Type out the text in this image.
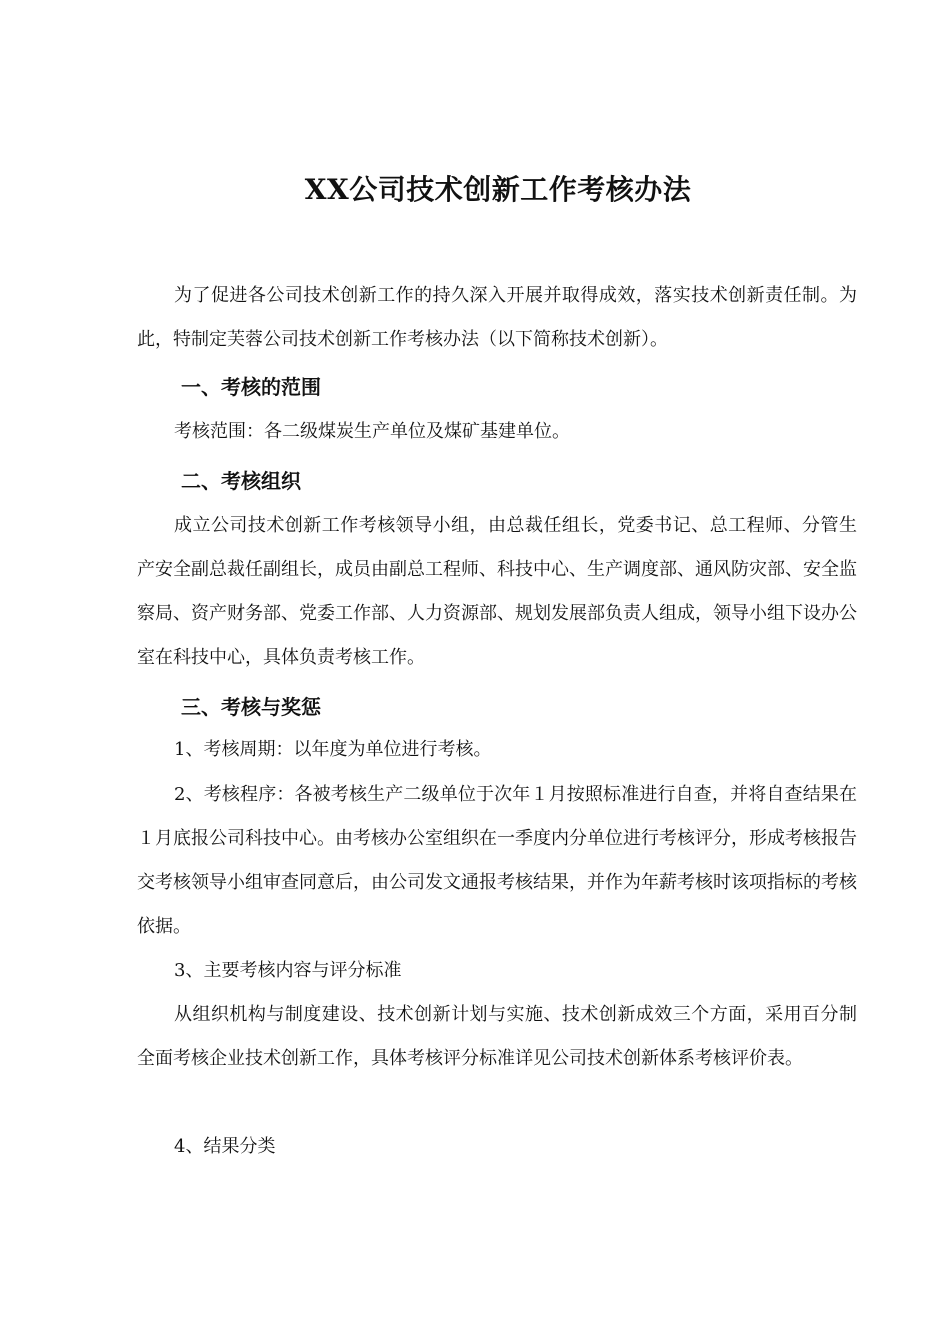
XX公司技术创新工作考核办法
为了促进各公司技术创新工作的持久深入开展并取得成效，落实技术创新责任制。为此，特制定芙蓉公司技术创新工作考核办法（以下简称技术创新）。
一、考核的范围
考核范围：各二级煤炭生产单位及煤矿基建单位。
二、考核组织
成立公司技术创新工作考核领导小组，由总裁任组长，党委书记、总工程师、分管生产安全副总裁任副组长，成员由副总工程师、科技中心、生产调度部、通风防灾部、安全监察局、资产财务部、党委工作部、人力资源部、规划发展部负责人组成，领导小组下设办公室在科技中心，具体负责考核工作。
三、考核与奖惩
1、考核周期：以年度为单位进行考核。
2、考核程序：各被考核生产二级单位于次年１月按照标准进行自查，并将自查结果在１月底报公司科技中心。由考核办公室组织在一季度内分单位进行考核评分，形成考核报告交考核领导小组审查同意后，由公司发文通报考核结果，并作为年薪考核时该项指标的考核依据。
3、主要考核内容与评分标准
从组织机构与制度建设、技术创新计划与实施、技术创新成效三个方面，采用百分制全面考核企业技术创新工作，具体考核评分标准详见公司技术创新体系考核评价表。
4、结果分类
